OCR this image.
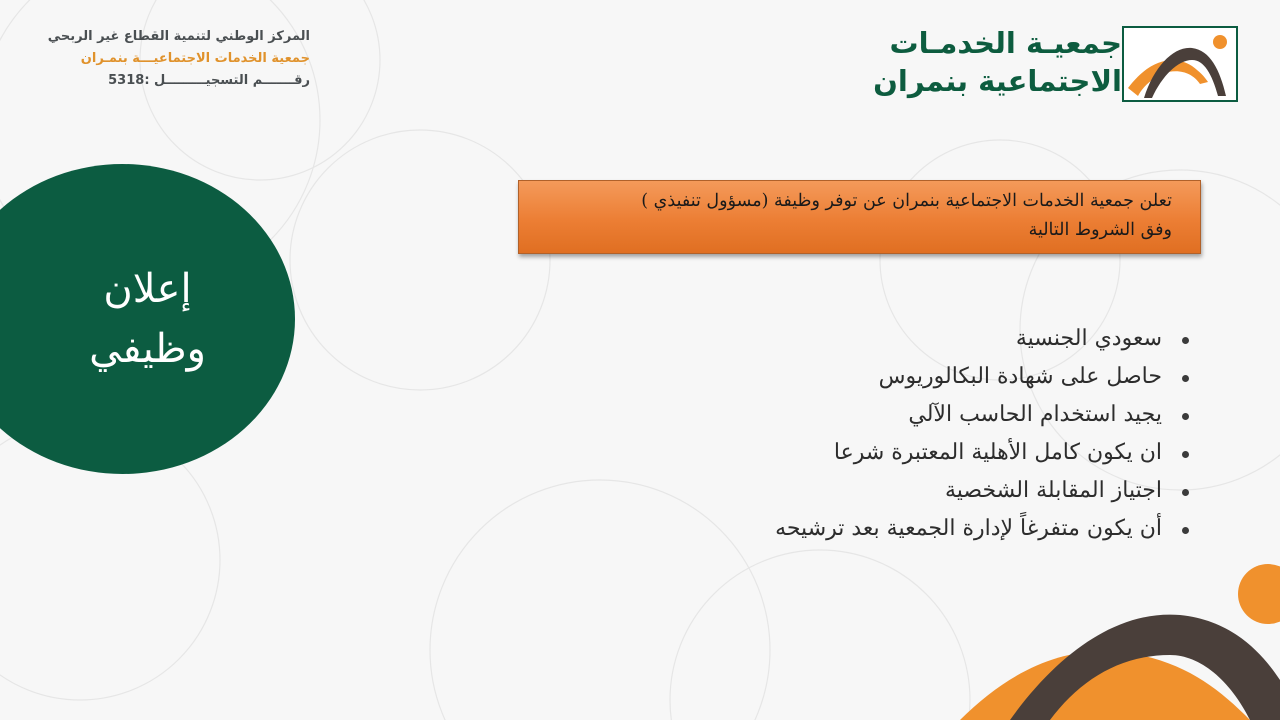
المركز الوطني لتنمية القطاع غير الربحي
جمعية الخدمات الاجتماعيـــة بنمـران
رقـــــــم التسجيـــــــــل :5318
جمعيـة الخدمـات
الاجتماعية بنمران
إعلان
وظيفي
تعلن جمعية الخدمات الاجتماعية بنمران عن توفر وظيفة (مسؤول تنفيذي )
وفق الشروط التالية
سعودي الجنسية
حاصل على شهادة البكالوريوس
يجيد استخدام الحاسب الآلي
ان يكون كامل الأهلية المعتبرة شرعا
اجتياز المقابلة الشخصية
أن يكون متفرغاً لإدارة الجمعية بعد ترشيحه
